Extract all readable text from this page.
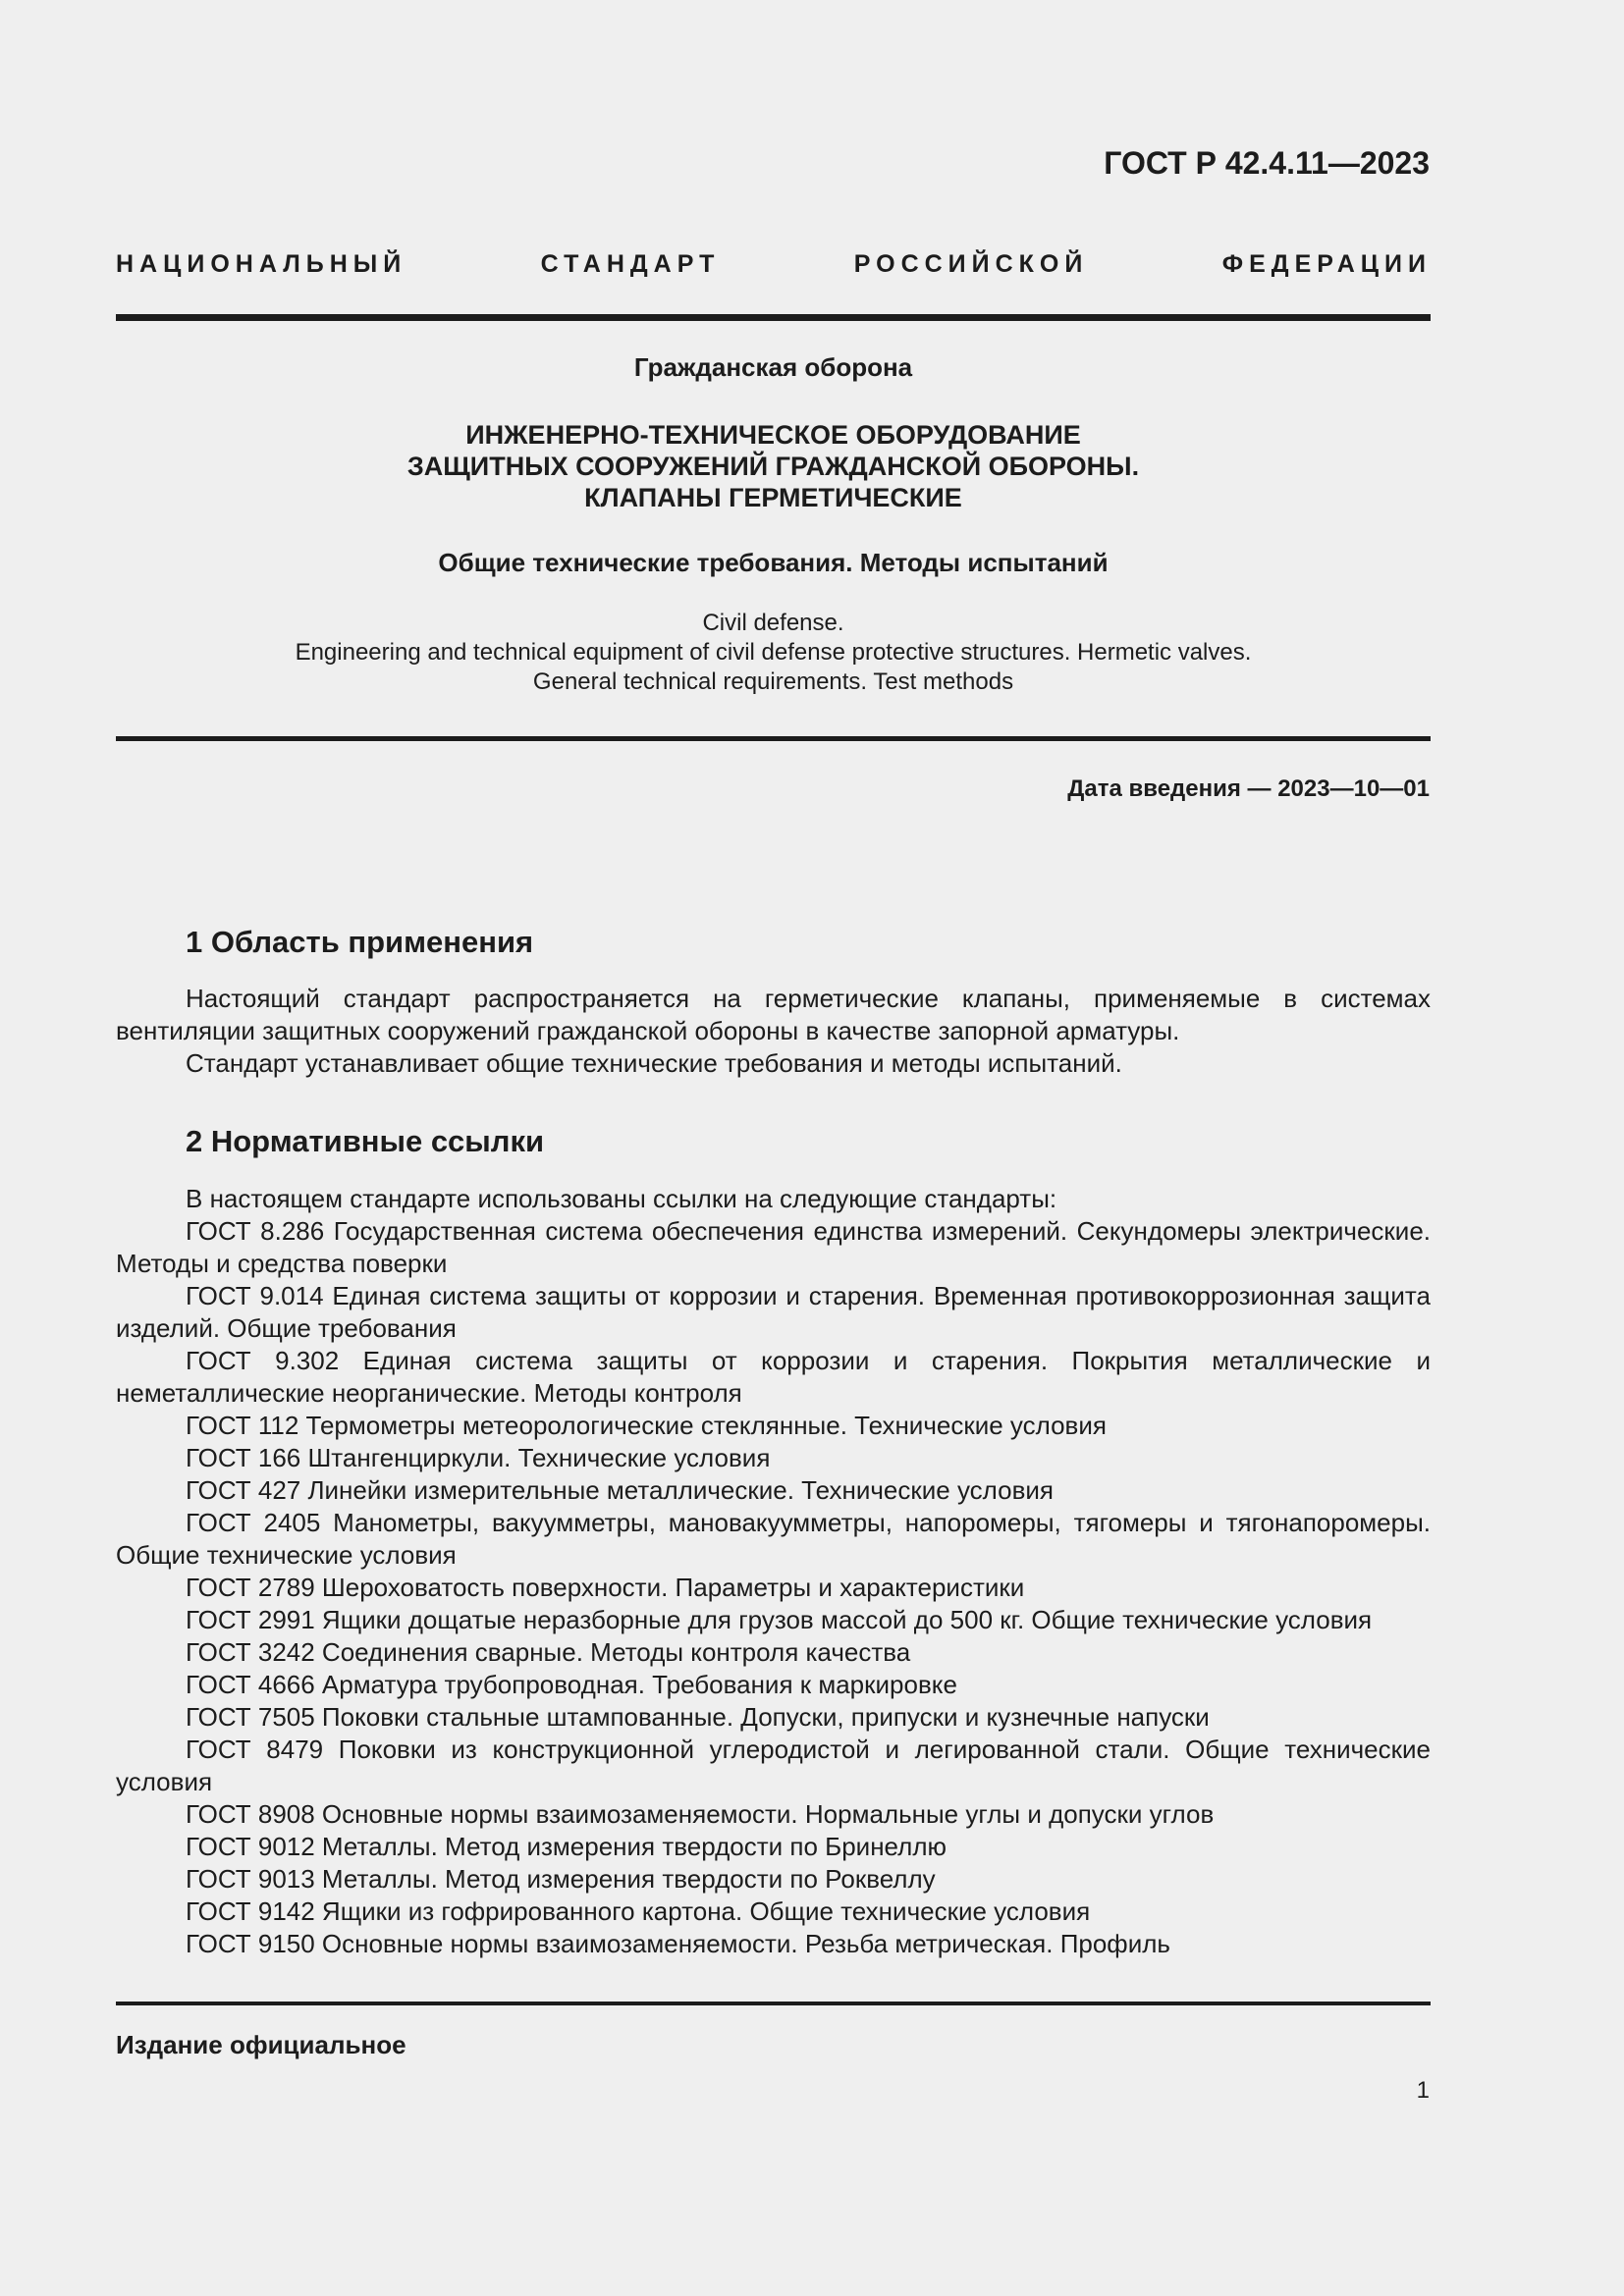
ГОСТ Р 42.4.11—2023
НАЦИОНАЛЬНЫЙ СТАНДАРТ РОССИЙСКОЙ ФЕДЕРАЦИИ
Гражданская оборона
ИНЖЕНЕРНО-ТЕХНИЧЕСКОЕ ОБОРУДОВАНИЕ
ЗАЩИТНЫХ СООРУЖЕНИЙ ГРАЖДАНСКОЙ ОБОРОНЫ.
КЛАПАНЫ ГЕРМЕТИЧЕСКИЕ
Общие технические требования. Методы испытаний
Civil defense.
Engineering and technical equipment of civil defense protective structures. Hermetic valves.
General technical requirements. Test methods
Дата введения — 2023—10—01
1 Область применения

Настоящий стандарт распространяется на герметические клапаны, применяемые в системах вентиляции защитных сооружений гражданской обороны в качестве запорной арматуры.

Стандарт устанавливает общие технические требования и методы испытаний.

2 Нормативные ссылки

В настоящем стандарте использованы ссылки на следующие стандарты:

ГОСТ 8.286 Государственная система обеспечения единства измерений. Секундомеры электрические. Методы и средства поверки

ГОСТ 9.014 Единая система защиты от коррозии и старения. Временная противокоррозионная защита изделий. Общие требования

ГОСТ 9.302 Единая система защиты от коррозии и старения. Покрытия металлические и неметаллические неорганические. Методы контроля

ГОСТ 112 Термометры метеорологические стеклянные. Технические условия

ГОСТ 166 Штангенциркули. Технические условия

ГОСТ 427 Линейки измерительные металлические. Технические условия

ГОСТ 2405 Манометры, вакуумметры, мановакуумметры, напоромеры, тягомеры и тягонапоромеры. Общие технические условия

ГОСТ 2789 Шероховатость поверхности. Параметры и характеристики

ГОСТ 2991 Ящики дощатые неразборные для грузов массой до 500 кг. Общие технические условия

ГОСТ 3242 Соединения сварные. Методы контроля качества

ГОСТ 4666 Арматура трубопроводная. Требования к маркировке

ГОСТ 7505 Поковки стальные штампованные. Допуски, припуски и кузнечные напуски

ГОСТ 8479 Поковки из конструкционной углеродистой и легированной стали. Общие технические условия

ГОСТ 8908 Основные нормы взаимозаменяемости. Нормальные углы и допуски углов

ГОСТ 9012 Металлы. Метод измерения твердости по Бринеллю

ГОСТ 9013 Металлы. Метод измерения твердости по Роквеллу

ГОСТ 9142 Ящики из гофрированного картона. Общие технические условия

ГОСТ 9150 Основные нормы взаимозаменяемости. Резьба метрическая. Профиль

Издание официальное
1
